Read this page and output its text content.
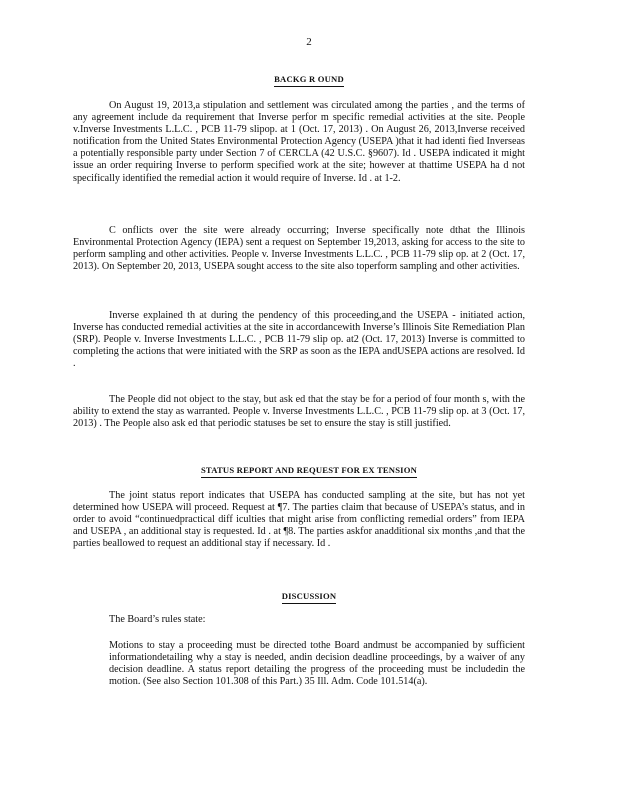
2
BACKG R OUND
On August 19, 2013,a stipulation and settlement was circulated among the parties , and the terms of any agreement include da requirement that Inverse perfor m specific remedial activities at the site. People v.Inverse Investments L.L.C. , PCB 11-79 slipop. at 1 (Oct. 17, 2013) . On August 26, 2013,Inverse received notification from the United States Environmental Protection Agency (USEPA )that it had identi fied Inverseas a potentially responsible party under Section 7 of CERCLA (42 U.S.C. §9607). Id . USEPA indicated it might issue an order requiring Inverse to perform specified work at the site; however at thattime USEPA ha d not specifically identified the remedial action it would require of Inverse. Id . at 1-2.
C onflicts over the site were already occurring; Inverse specifically note dthat the Illinois Environmental Protection Agency (IEPA) sent a request on September 19,2013, asking for access to the site to perform sampling and other activities. People v. Inverse Investments L.L.C. , PCB 11-79 slip op. at 2 (Oct. 17, 2013). On September 20, 2013, USEPA sought access to the site also toperform sampling and other activities.
Inverse explained th at during the pendency of this proceeding,and the USEPA - initiated action, Inverse has conducted remedial activities at the site in accordancewith Inverse’s Illinois Site Remediation Plan (SRP). People v. Inverse Investments L.L.C. , PCB 11-79 slip op. at2 (Oct. 17, 2013) Inverse is committed to completing the actions that were initiated with the SRP as soon as the IEPA andUSEPA actions are resolved. Id .
The People did not object to the stay, but ask ed that the stay be for a period of four month s, with the ability to extend the stay as warranted. People v. Inverse Investments L.L.C. , PCB 11-79 slip op. at 3 (Oct. 17, 2013) . The People also ask ed that periodic statuses be set to ensure the stay is still justified.
STATUS REPORT AND REQUEST FOR EX TENSION
The joint status report indicates that USEPA has conducted sampling at the site, but has not yet determined how USEPA will proceed. Request at ¶7. The parties claim that because of USEPA’s status, and in order to avoid “continuedpractical diff iculties that might arise from conflicting remedial orders” from IEPA and USEPA , an additional stay is requested. Id . at ¶8. The parties askfor anadditional six months ,and that the parties beallowed to request an additional stay if necessary. Id .
DISCUSSION
The Board’s rules state:
Motions to stay a proceeding must be directed tothe Board andmust be accompanied by sufficient informationdetailing why a stay is needed, andin decision deadline proceedings, by a waiver of any decision deadline. A status report detailing the progress of the proceeding must be includedin the motion. (See also Section 101.308 of this Part.) 35 Ill. Adm. Code 101.514(a).
